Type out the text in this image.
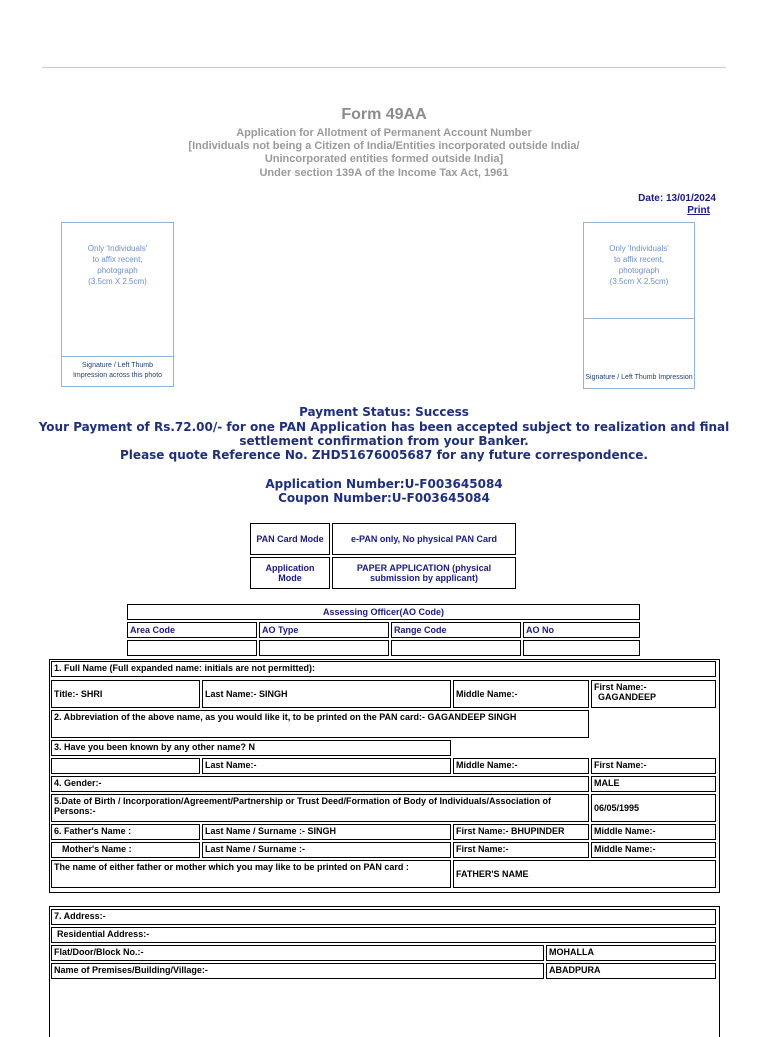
Form 49AA
Application for Allotment of Permanent Account Number
[Individuals not being a Citizen of India/Entities incorporated outside India/
Unincorporated entities formed outside India]
Under section 139A of the Income Tax Act, 1961
Date: 13/01/2024
Print
Only 'Individuals'
to affix recent,
photograph
(3.5cm X 2.5cm)
Signature / Left Thumb
Impression across this photo
Only 'Individuals'
to affix recent,
photograph
(3.5cm X 2.5cm)
Signature / Left Thumb Impression
Payment Status: Success
Your Payment of Rs.72.00/- for one PAN Application has been accepted subject to realization and final
settlement confirmation from your Banker.
Please quote Reference No. ZHD51676005687 for any future correspondence.
Application Number:U-F003645084
Coupon Number:U-F003645084
PAN Card Mode	e-PAN only, No physical PAN Card
Application Mode	PAPER APPLICATION (physical submission by applicant)
Assessing Officer(AO Code)			
Area Code	AO Type	Range Code	AO No

1. Full Name (Full expanded name: initials are not permitted):
Title:- SHRI	Last Name:- SINGH	Middle Name:-
First Name:-
GAGANDEEP
2. Abbreviation of the above name, as you would like it, to be printed on the PAN card:- GAGANDEEP SINGH
3. Have you been known by any other name? N
Last Name:-	Middle Name:-	First Name:-
4. Gender:-	MALE
5.Date of Birth / Incorporation/Agreement/Partnership or Trust Deed/Formation of Body of Individuals/Association of Persons:-	06/05/1995
6. Father's Name :	Last Name / Surname :- SINGH	First Name:- BHUPINDER	Middle Name:-
Mother's Name :	Last Name / Surname :-	First Name:-	Middle Name:-
The name of either father or mother which you may like to be printed on PAN card :
FATHER'S NAME
7. Address:-
Residential Address:-
Flat/Door/Block No.:-	MOHALLA
Name of Premises/Building/Village:-	ABADPURA
